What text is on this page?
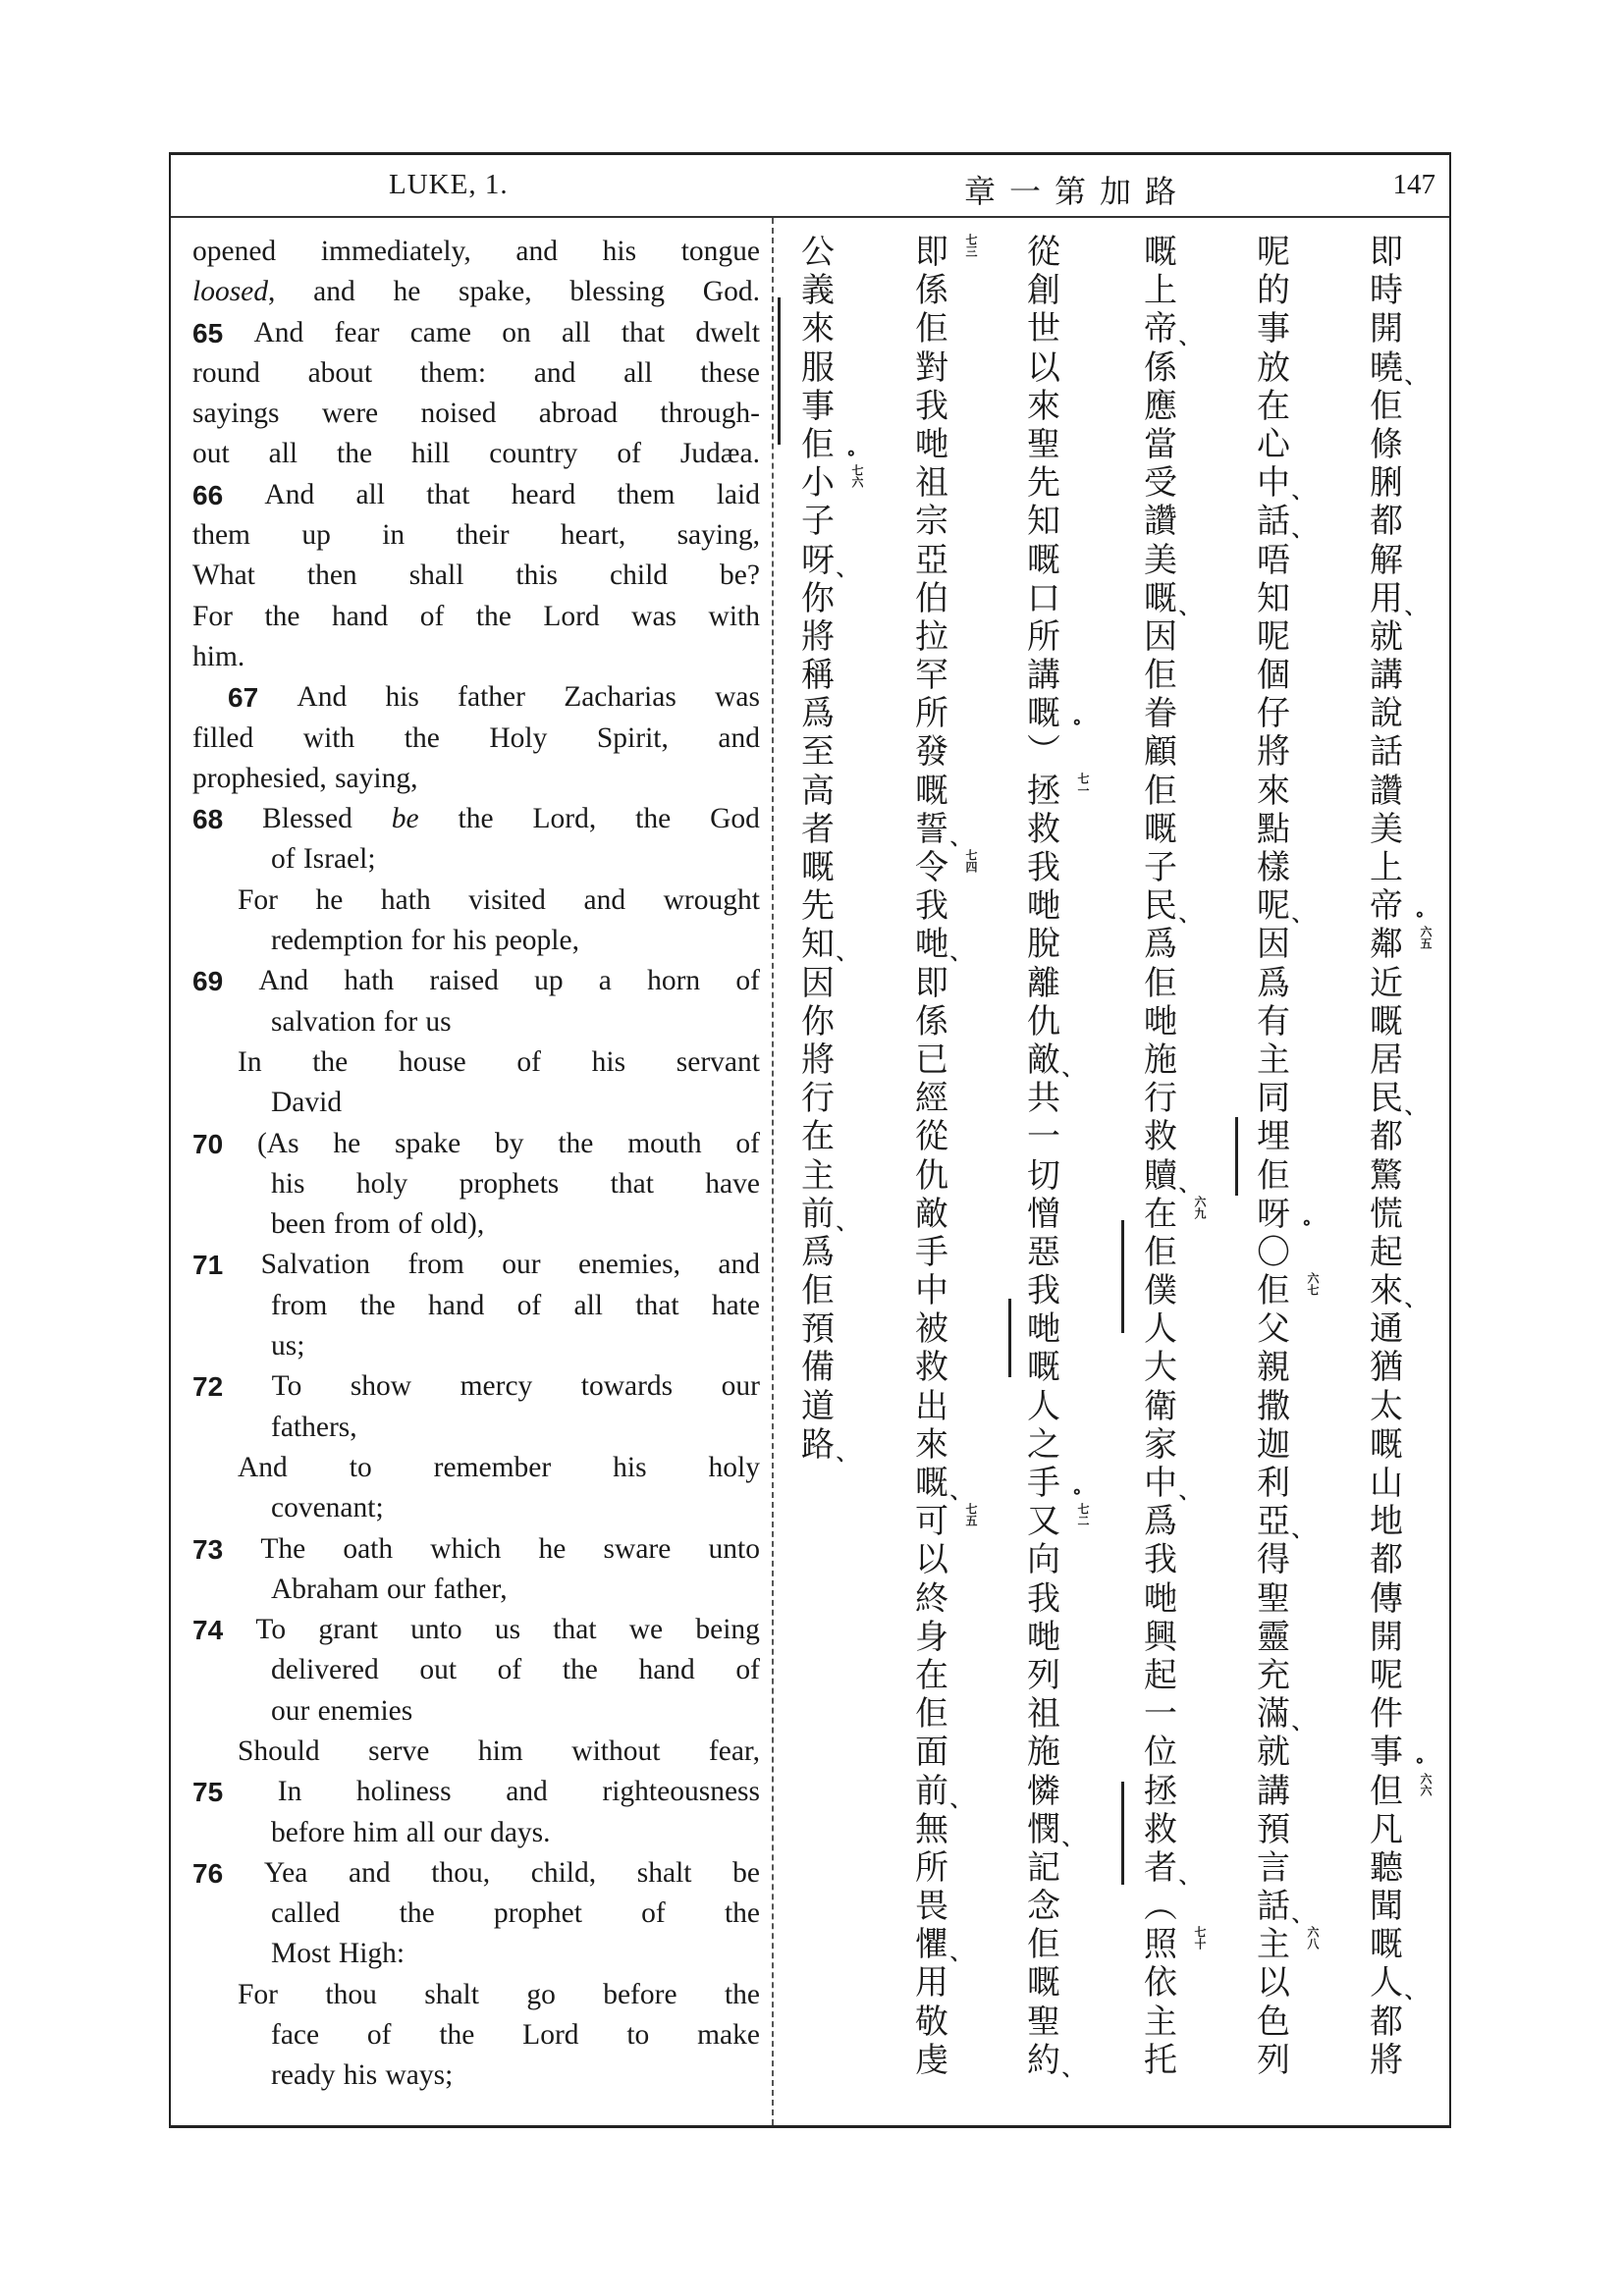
LUKE, 1.	章一第加路	147
opened immediately, and his tongue
loosed, and he spake, blessing God.
65 And fear came on all that dwelt
round about them: and all these
sayings were noised abroad through-
out all the hill country of Judæa.
66 And all that heard them laid
them up in their heart, saying,
What then shall this child be?
For the hand of the Lord was with
him.
67 And his father Zacharias was
filled with the Holy Spirit, and
prophesied, saying,
68 Blessed be the Lord, the God
of Israel;
For he hath visited and wrought
redemption for his people,
69 And hath raised up a horn of
salvation for us
In the house of his servant
David
70 (As he spake by the mouth of
his holy prophets that have
been from of old),
71 Salvation from our enemies, and
from the hand of all that hate
us;
72 To show mercy towards our
fathers,
And to remember his holy
covenant;
73 The oath which he sware unto
Abraham our father,
74 To grant unto us that we being
delivered out of the hand of
our enemies
Should serve him without fear,
75 In holiness and righteousness
before him all our days.
76 Yea and thou, child, shalt be
called the prophet of the
Most High:
For thou shalt go before the
face of the Lord to make
ready his ways;
即
時
開
曉 、
佢
條
脷
都
解
用 、
就
講
說
話
讚
美
上
帝 ∘
鄰 六五
近
嘅
居
民 、
都
驚
慌
起
來 、
通
猶
太
嘅
山
地
都
傳
開
呢
件
事 ∘
但 六六
凡
聽
聞
嘅
人 、
都
將
呢
的
事
放
在
心
中 、
話 、
唔
知
呢
個
仔
將
來
點
樣
呢 、
因
爲
有
主
同
埋
佢
呀 ∘
〇
佢 六七
父
親
撒
迦
利
亞 、
得
聖
靈
充
滿 、
就
講
預
言
話 、
主 六八
以
色
列
嘅
上
帝 、
係
應
當
受
讚
美
嘅 、
因
佢
眷
顧
佢
嘅
子
民 、
爲
佢
哋
施
行
救
贖 、
在 六九
佢
僕
人
大
衛
家
中 、
爲
我
哋
興
起
一
位
拯
救
者 、
︵
照 七十
依
主
托
從
創
世
以
來
聖
先
知
嘅
口
所
講
嘅 ∘
︶
拯 七一
救
我
哋
脫
離
仇
敵 、
共
一
切
憎
惡
我
哋
嘅
人
之
手 ∘
又 七二
向
我
哋
列
祖
施
憐
憫 、
記
念
佢
嘅
聖
約 、
即 七三
係
佢
對
我
哋
祖
宗
亞
伯
拉
罕
所
發
嘅
誓 、
令 七四
我
哋 、
即
係
已
經
從
仇
敵
手
中
被
救
出
來
嘅 、
可 七五
以
終
身
在
佢
面
前 、
無
所
畏
懼 、
用
敬
虔
公
義
來
服
事
佢 ∘
小 七六
子
呀 、
你
將
稱
爲
至
高
者
嘅
先
知 、
因
你
將
行
在
主
前 、
爲
佢
預
備
道
路 、
